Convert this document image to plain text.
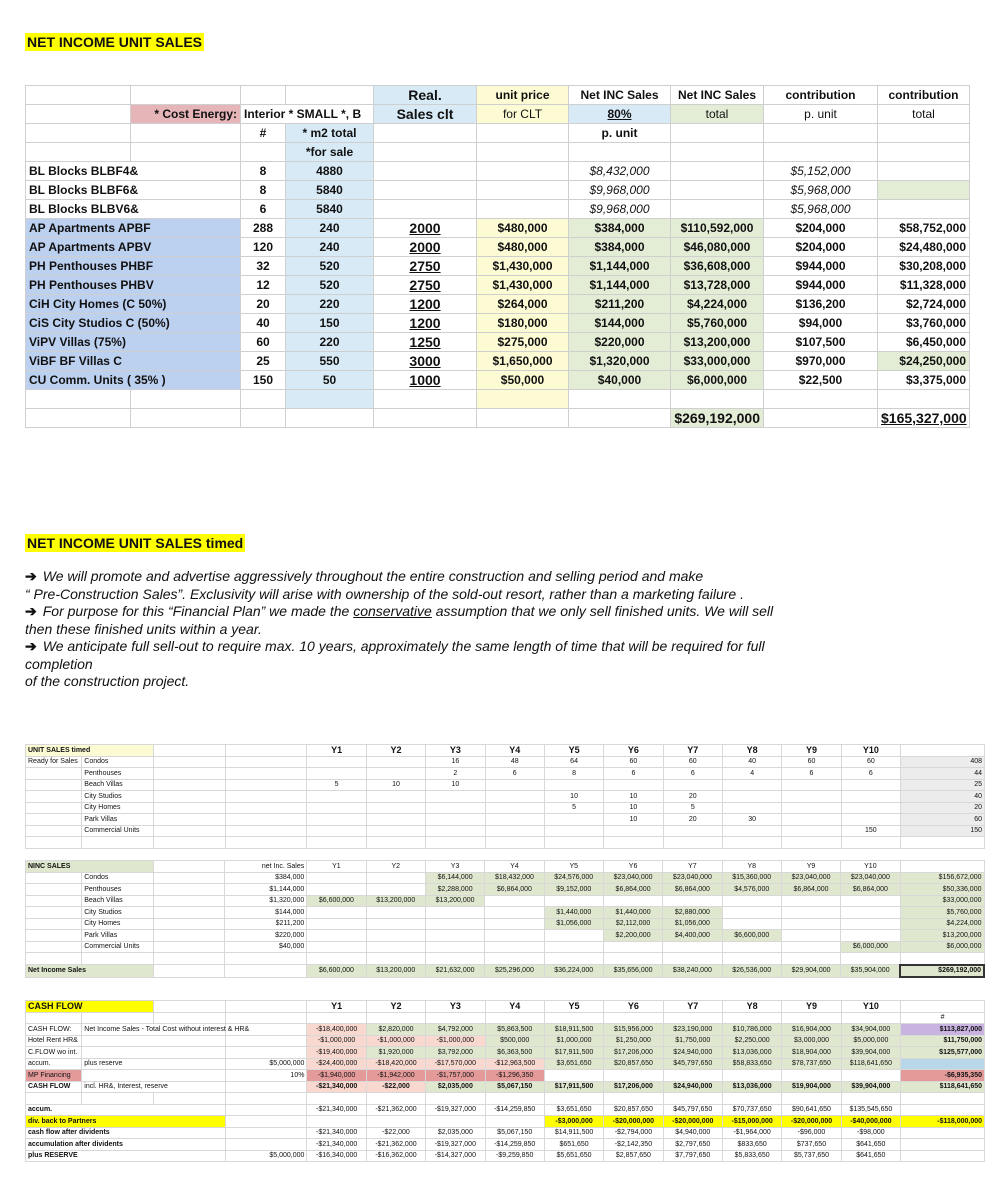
NET INCOME UNIT SALES
				Real.	unit price	Net INC Sales	Net INC Sales	contribution	contribution
	* Cost Energy:	Interior * SMALL *, B		Sales clt	for CLT	80%	total	p. unit	total
		#	* m2 total			p. unit			
			*for sale						
BL Blocks BLBF4&		8	4880			$8,432,000		$5,152,000	
BL Blocks BLBF6&		8	5840			$9,968,000		$5,968,000	
BL Blocks BLBV6&		6	5840			$9,968,000		$5,968,000	
AP Apartments APBF		288	240	2000	$480,000	$384,000	$110,592,000	$204,000	$58,752,000
AP Apartments APBV		120	240	2000	$480,000	$384,000	$46,080,000	$204,000	$24,480,000
PH Penthouses PHBF		32	520	2750	$1,430,000	$1,144,000	$36,608,000	$944,000	$30,208,000
PH Penthouses PHBV		12	520	2750	$1,430,000	$1,144,000	$13,728,000	$944,000	$11,328,000
CiH City Homes (C 50%)		20	220	1200	$264,000	$211,200	$4,224,000	$136,200	$2,724,000
CiS City Studios C (50%)		40	150	1200	$180,000	$144,000	$5,760,000	$94,000	$3,760,000
ViPV Villas (75%)		60	220	1250	$275,000	$220,000	$13,200,000	$107,500	$6,450,000
ViBF BF Villas C		25	550	3000	$1,650,000	$1,320,000	$33,000,000	$970,000	$24,250,000
CU Comm. Units ( 35% )		150	50	1000	$50,000	$40,000	$6,000,000	$22,500	$3,375,000

							$269,192,000		$165,327,000
NET INCOME UNIT SALES timed

➔ We will promote and advertise aggressively throughout the entire construction and selling period and make

“ Pre-Construction Sales”. Exclusivity will arise with ownership of the sold-out resort, rather than a marketing failure .

➔ For purpose for this “Financial Plan” we made the conservative assumption that we only sell finished units. We will sell

then these finished units within a year.

➔ We anticipate full sell-out to require max. 10 years, approximately the same length of time that will be required for full

completion

of the construction project.

UNIT SALES timed				Y1	Y2	Y3	Y4	Y5	Y6	Y7	Y8	Y9	Y10	
Ready for Sales	Condos					16	48	64	60	60	40	60	60	408
	Penthouses					2	6	8	6	6	4	6	6	44
	Beach Villas			5	10	10								25
	City Studios							10	10	20				40
	City Homes							5	10	5				20
	Park Villas								10	20	30			60
	Commercial Units												150	150

NINC SALES			net Inc. Sales	Y1	Y2	Y3	Y4	Y5	Y6	Y7	Y8	Y9	Y10	
	Condos		$384,000			$6,144,000	$18,432,000	$24,576,000	$23,040,000	$23,040,000	$15,360,000	$23,040,000	$23,040,000	$156,672,000
	Penthouses		$1,144,000			$2,288,000	$6,864,000	$9,152,000	$6,864,000	$6,864,000	$4,576,000	$6,864,000	$6,864,000	$50,336,000
	Beach Villas		$1,320,000	$6,600,000	$13,200,000	$13,200,000								$33,000,000
	City Studios		$144,000					$1,440,000	$1,440,000	$2,880,000				$5,760,000
	City Homes		$211,200					$1,056,000	$2,112,000	$1,056,000				$4,224,000
	Park Villas		$220,000						$2,200,000	$4,400,000	$6,600,000			$13,200,000
	Commercial Units		$40,000										$6,000,000	$6,000,000

Net Income Sales				$6,600,000	$13,200,000	$21,632,000	$25,296,000	$36,224,000	$35,656,000	$38,240,000	$26,536,000	$29,904,000	$35,904,000	$269,192,000
CASH FLOW				Y1	Y2	Y3	Y4	Y5	Y6	Y7	Y8	Y9	Y10	
														#
CASH FLOW:	Net Income Sales - Total Cost without interest & HR&			-$18,400,000	$2,820,000	$4,792,000	$5,863,500	$18,911,500	$15,956,000	$23,190,000	$10,786,000	$16,904,000	$34,904,000	$113,827,000
Hotel Rent HR&				-$1,000,000	-$1,000,000	-$1,000,000	$500,000	$1,000,000	$1,250,000	$1,750,000	$2,250,000	$3,000,000	$5,000,000	$11,750,000
C.FLOW wo int.				-$19,400,000	$1,920,000	$3,792,000	$6,363,500	$17,911,500	$17,206,000	$24,940,000	$13,036,000	$18,904,000	$39,904,000	$125,577,000
accum.	plus reserve		$5,000,000	-$24,400,000	-$18,420,000	-$17,570,000	-$12,963,500	$3,651,650	$20,857,650	$45,797,650	$58,833,650	$78,737,650	$118,641,650	
MP Financing			10%	-$1,940,000	-$1,942,000	-$1,757,000	-$1,296,350							-$6,935,350
CASH FLOW	incl. HR&, Interest, reserve			-$21,340,000	-$22,000	$2,035,000	$5,067,150	$17,911,500	$17,206,000	$24,940,000	$13,036,000	$19,904,000	$39,904,000	$118,641,650

accum.				-$21,340,000	-$21,362,000	-$19,327,000	-$14,259,850	$3,651,650	$20,857,650	$45,797,650	$70,737,650	$90,641,650	$135,545,650	
div. back to Partners								-$3,000,000	-$20,000,000	-$20,000,000	-$15,000,000	-$20,000,000	-$40,000,000	-$118,000,000
cash flow after dividents				-$21,340,000	-$22,000	$2,035,000	$5,067,150	$14,911,500	-$2,794,000	$4,940,000	-$1,964,000	-$96,000	-$98,000	
accumulation after dividents				-$21,340,000	-$21,362,000	-$19,327,000	-$14,259,850	$651,650	-$2,142,350	$2,797,650	$833,650	$737,650	$641,650	
plus RESERVE			$5,000,000	-$16,340,000	-$16,362,000	-$14,327,000	-$9,259,850	$5,651,650	$2,857,650	$7,797,650	$5,833,650	$5,737,650	$641,650	
